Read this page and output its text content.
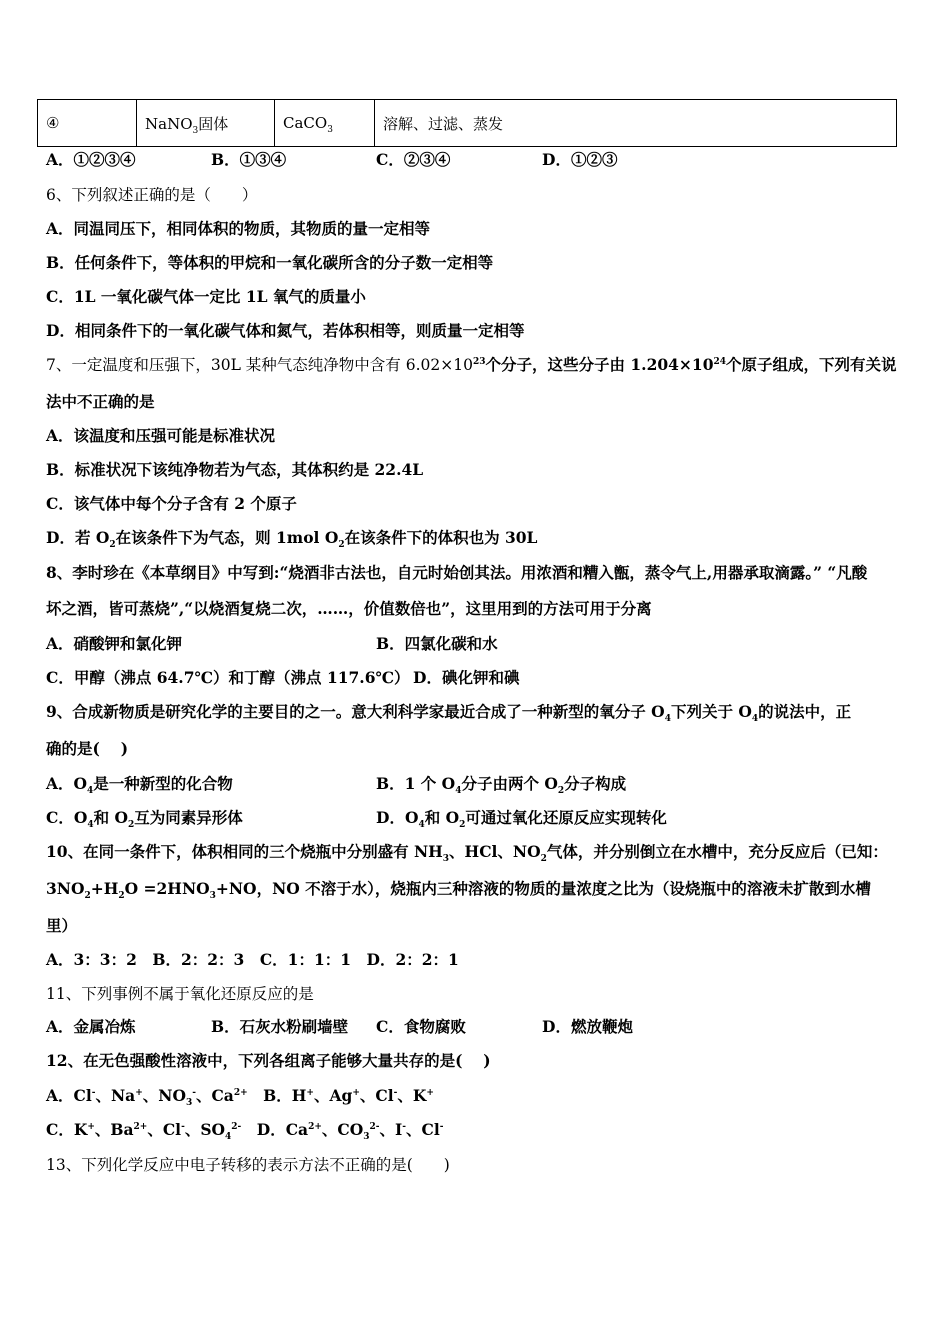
④	NaNO$_3$固体	CaCO$_3$	溶解、过滤、蒸发
A．①②③④	B．①③④	C．②③④	D．①②③
6、下列叙述正确的是（　　）
A．同温同压下，相同体积的物质，其物质的量一定相等
B．任何条件下，等体积的甲烷和一氧化碳所含的分子数一定相等
C．1L 一氧化碳气体一定比 1L 氧气的质量小
D．相同条件下的一氧化碳气体和氮气，若体积相等，则质量一定相等
7、一定温度和压强下，30L 某种气态纯净物中含有 $6.02\times 10^{23}$个分子，这些分子由 $1.204\times 10^{24}$个原子组成，下列有关说
法中不正确的是
A．该温度和压强可能是标准状况
B．标准状况下该纯净物若为气态，其体积约是 22.4L
C．该气体中每个分子含有 2 个原子
D．若 $O_2$在该条件下为气态，则 1mol $O_2$在该条件下的体积也为 30L
8、李时珍在《本草纲目》中写到:“烧酒非古法也，自元时始创其法。用浓酒和糟入甑，蒸令气上,用器承取滴露。” “凡酸
坏之酒，皆可蒸烧”,“以烧酒复烧二次，……，价值数倍也”，这里用到的方法可用于分离
A．硝酸钾和氯化钾	B．四氯化碳和水
C．甲醇（沸点 64.7℃）和丁醇（沸点 117.6℃） D．碘化钾和碘
9、合成新物质是研究化学的主要目的之一。意大利科学家最近合成了一种新型的氧分子 $O_4$下列关于 $O_4$的说法中，正
确的是(　 )
A．$O_4$是一种新型的化合物	B．1 个 $O_4$分子由两个 $O_2$分子构成
C．$O_4$和 $O_2$互为同素异形体	D．$O_4$和 $O_2$可通过氧化还原反应实现转化
10、在同一条件下，体积相同的三个烧瓶中分别盛有 $NH_3$、HCl、$NO_2$气体，并分别倒立在水槽中，充分反应后（已知：
$3NO_2+H_2O =2HNO_3+NO$，NO 不溶于水），烧瓶内三种溶液的物质的量浓度之比为（设烧瓶中的溶液未扩散到水槽
里）
A．3：3：2　B．2：2：3　C．1：1：1　D．2：2：1
11、下列事例不属于氧化还原反应的是
A．金属冶炼	B．石灰水粉刷墙壁 C．食物腐败	D．燃放鞭炮
12、在无色强酸性溶液中，下列各组离子能够大量共存的是(　 )
A．Cl-、Na+、$NO_3^-$、$Ca^{2+}$　B．H+、Ag+、Cl-、K+
C．K+、$Ba^{2+}$、Cl-、$SO_4^{2-}$　D．$Ca^{2+}$、$CO_3^{2-}$、I-、Cl-
13、下列化学反应中电子转移的表示方法不正确的是(　　)
